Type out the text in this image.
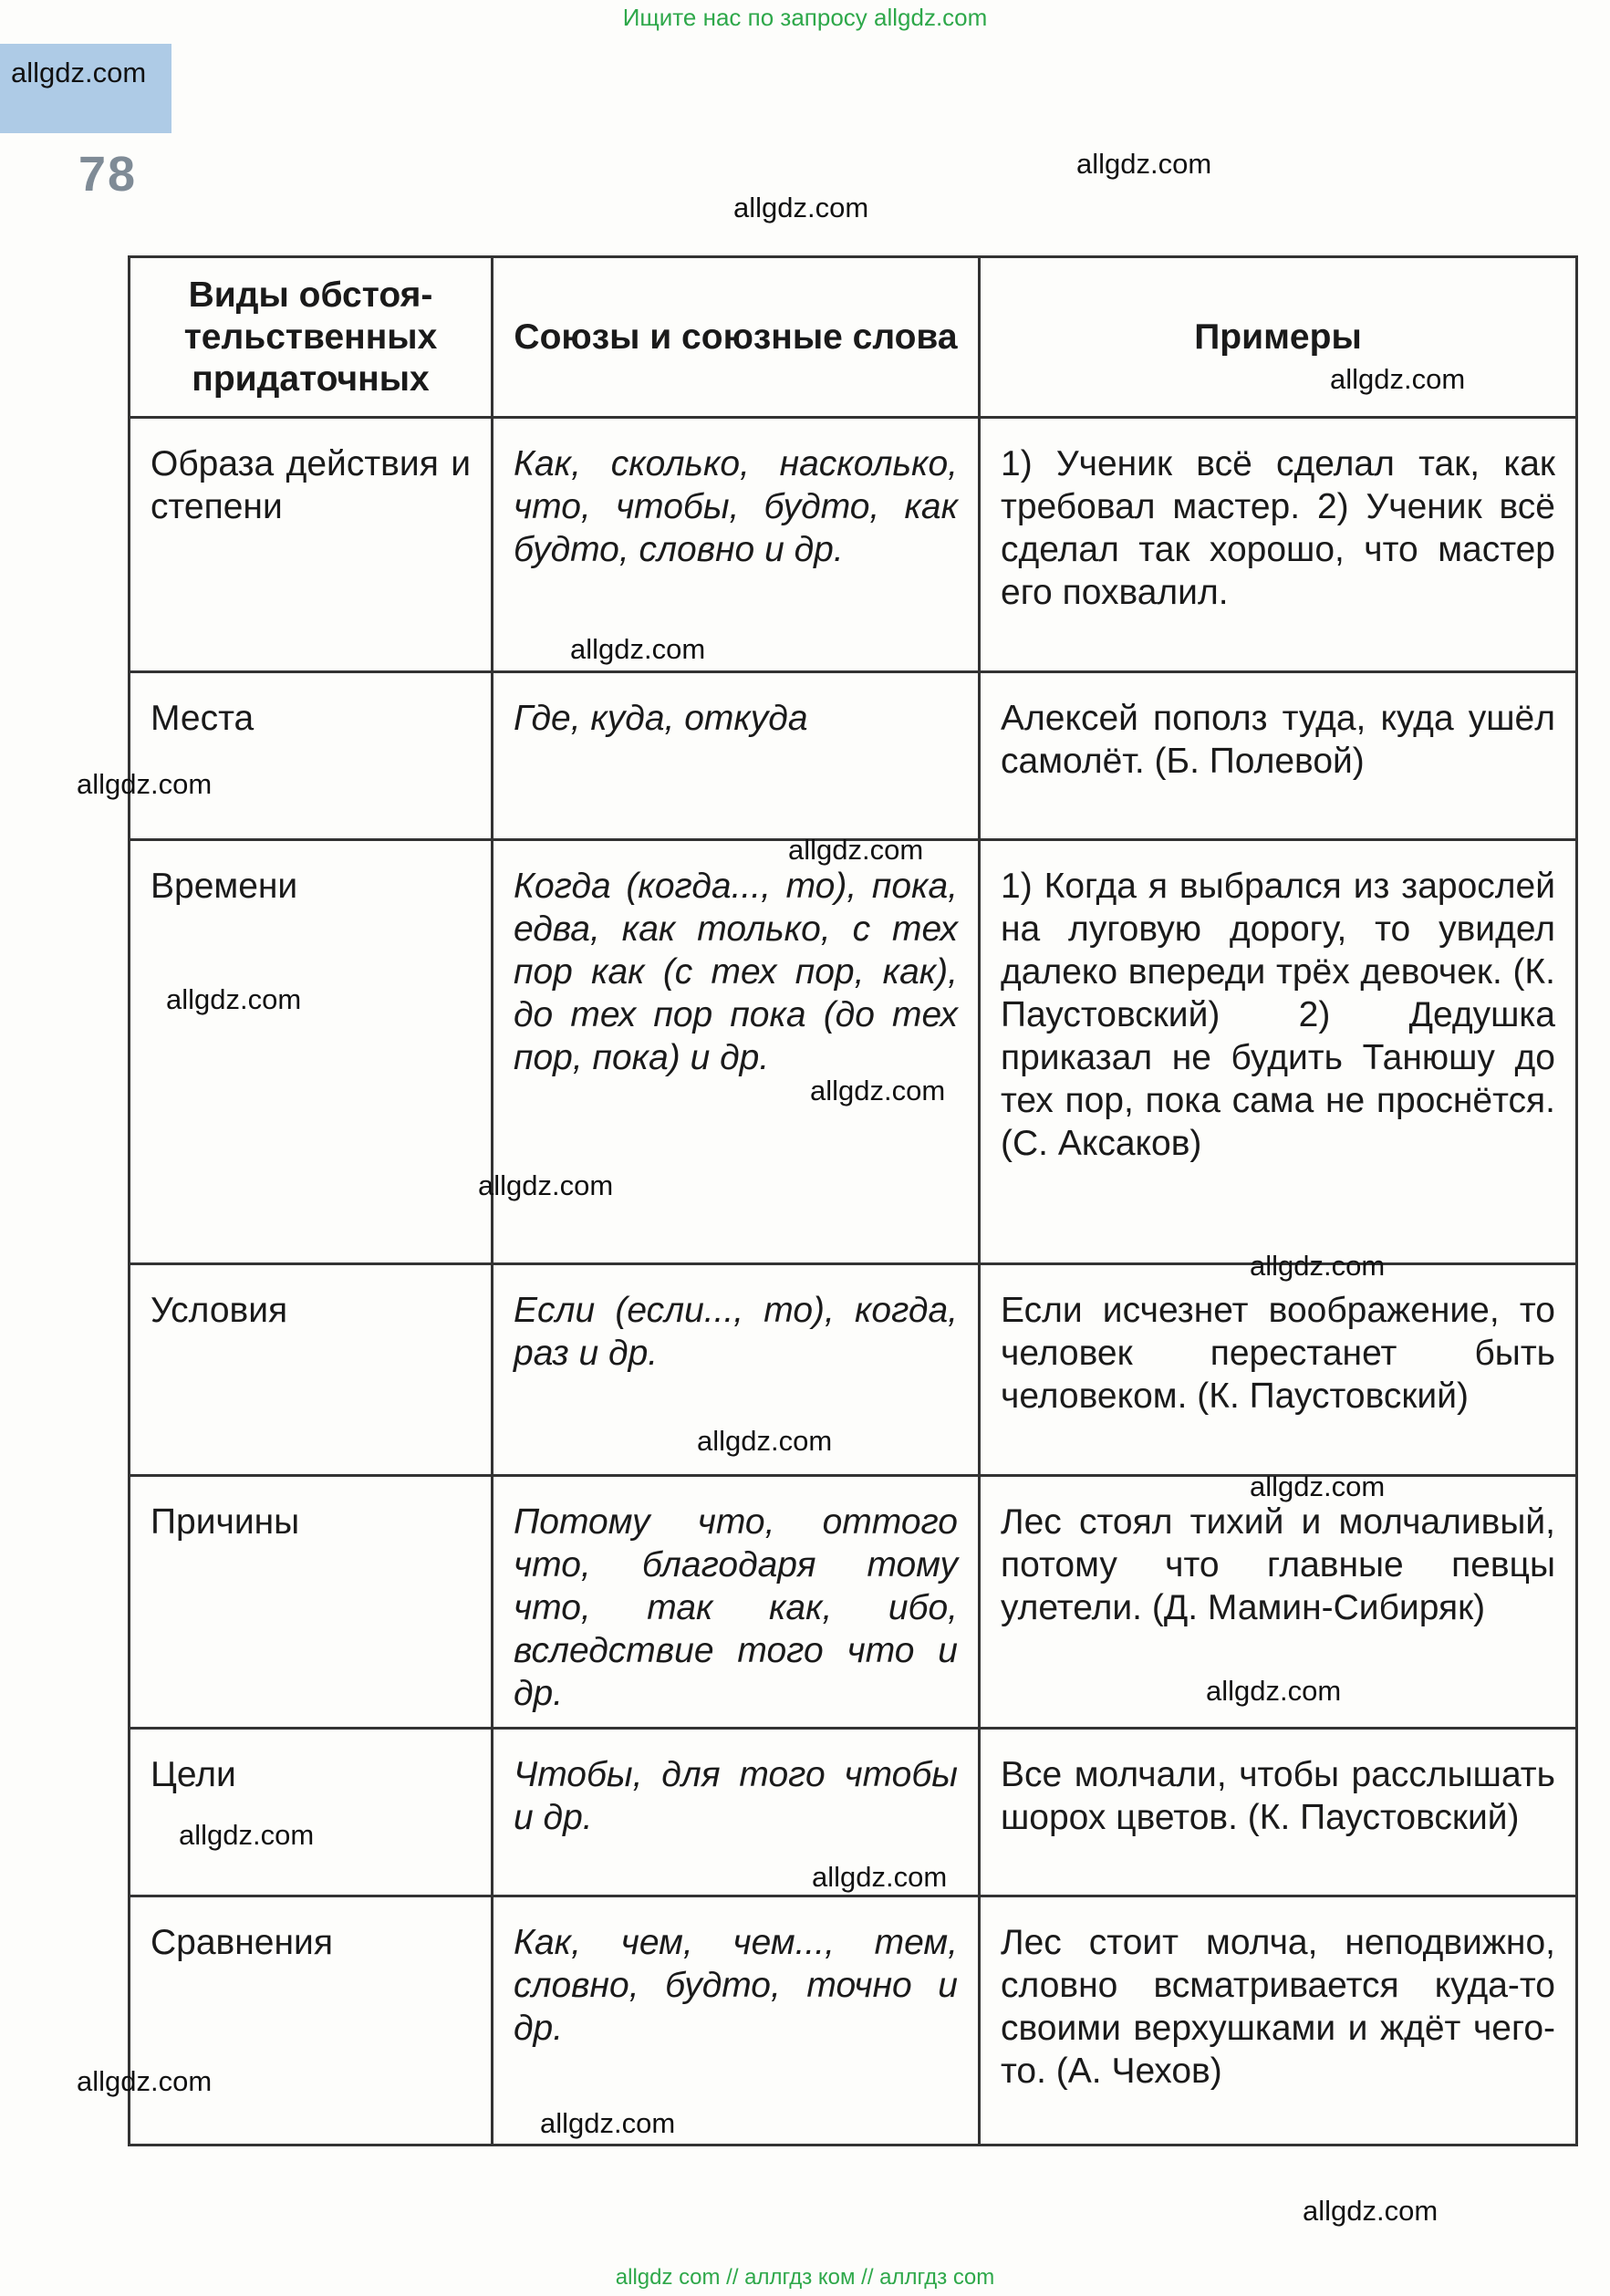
Ищите нас по запросу allgdz.com
78
allgdz.com
allgdz.com
allgdz.com
Виды обстоя-тельственных придаточных	Союзы и союзные слова	Примеры
Образа действия и степени	Как, сколько, насколько, что, чтобы, будто, как будто, словно и др.	1) Ученик всё сделал так, как требовал мастер. 2) Ученик всё сделал так хорошо, что мастер его похвалил.
Места	Где, куда, откуда	Алексей пополз туда, куда ушёл самолёт. (Б. Полевой)
Времени	Когда (когда..., то), пока, едва, как только, с тех пор как (с тех пор, как), до тех пор пока (до тех пор, пока) и др.	1) Когда я выбрался из зарослей на луговую дорогу, то увидел далеко впереди трёх девочек. (К. Паустовский) 2) Дедушка приказал не будить Танюшу до тех пор, пока сама не проснётся. (С. Аксаков)
Условия	Если (если..., то), когда, раз и др.	Если исчезнет воображение, то человек перестанет быть человеком. (К. Паустовский)
Причины	Потому что, оттого что, благодаря тому что, так как, ибо, вследствие того что и др.	Лес стоял тихий и молчаливый, потому что главные певцы улетели. (Д. Мамин-Сибиряк)
Цели	Чтобы, для того чтобы и др.	Все молчали, чтобы расслышать шорох цветов. (К. Паустовский)
Сравнения	Как, чем, чем..., тем, словно, будто, точно и др.	Лес стоит молча, неподвижно, словно всматривается куда-то своими верхушками и ждёт чего-то. (А. Чехов)
allgdz.com
allgdz.com
allgdz.com
allgdz.com
allgdz.com
allgdz.com
allgdz.com
allgdz.com
allgdz.com
allgdz.com
allgdz.com
allgdz.com
allgdz.com
allgdz.com
allgdz.com
allgdz.com
allgdz com // аллгдз ком // аллгдз com
